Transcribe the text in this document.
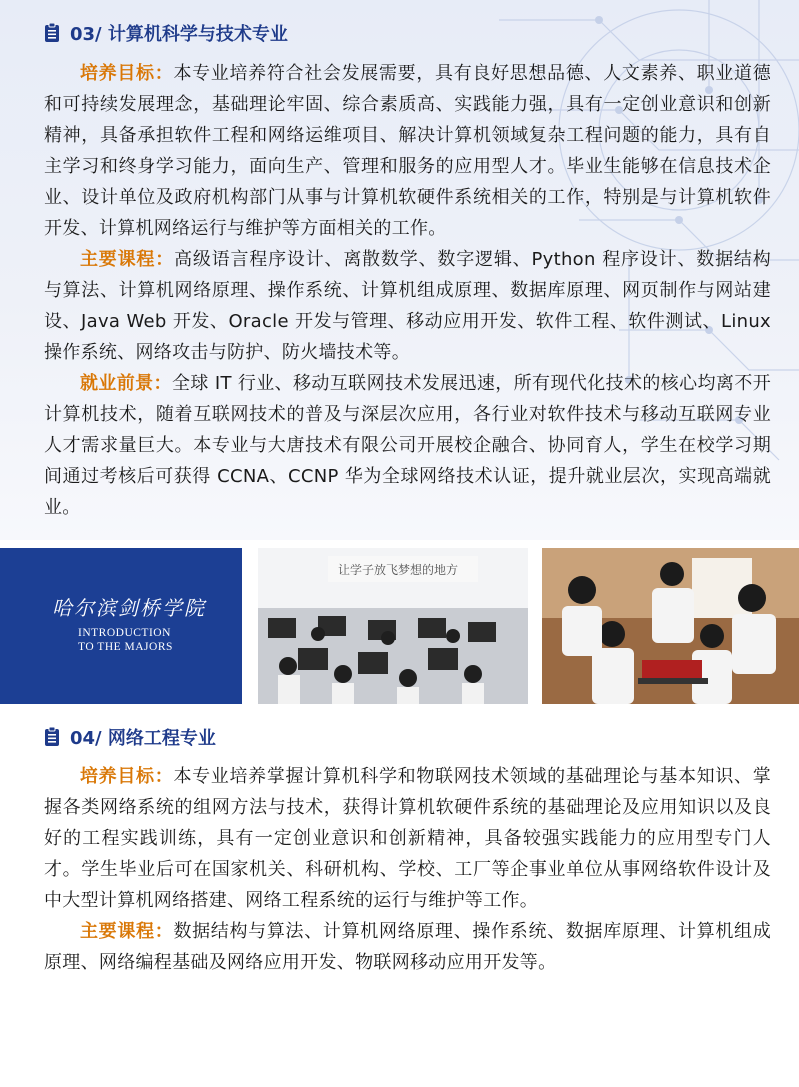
03/ 计算机科学与技术专业

培养目标：本专业培养符合社会发展需要，具有良好思想品德、人文素养、职业道德和可持续发展理念，基础理论牢固、综合素质高、实践能力强，具有一定创业意识和创新精神，具备承担软件工程和网络运维项目、解决计算机领域复杂工程问题的能力，具有自主学习和终身学习能力，面向生产、管理和服务的应用型人才。毕业生能够在信息技术企业、设计单位及政府机构部门从事与计算机软硬件系统相关的工作，特别是与计算机软件开发、计算机网络运行与维护等方面相关的工作。

主要课程：高级语言程序设计、离散数学、数字逻辑、Python 程序设计、数据结构与算法、计算机网络原理、操作系统、计算机组成原理、数据库原理、网页制作与网站建设、Java Web 开发、Oracle 开发与管理、移动应用开发、软件工程、软件测试、Linux 操作系统、网络攻击与防护、防火墙技术等。

就业前景：全球 IT 行业、移动互联网技术发展迅速，所有现代化技术的核心均离不开计算机技术，随着互联网技术的普及与深层次应用，各行业对软件技术与移动互联网专业人才需求量巨大。本专业与大唐技术有限公司开展校企融合、协同育人，学生在校学习期间通过考核后可获得 CCNA、CCNP 华为全球网络技术认证，提升就业层次，实现高端就业。

哈尔滨剑桥学院
INTRODUCTION
TO THE MAJORS
让学子放飞梦想的地方
04/ 网络工程专业

培养目标：本专业培养掌握计算机科学和物联网技术领域的基础理论与基本知识、掌握各类网络系统的组网方法与技术，获得计算机软硬件系统的基础理论及应用知识以及良好的工程实践训练，具有一定创业意识和创新精神，具备较强实践能力的应用型专门人才。学生毕业后可在国家机关、科研机构、学校、工厂等企事业单位从事网络软件设计及中大型计算机网络搭建、网络工程系统的运行与维护等工作。

主要课程：数据结构与算法、计算机网络原理、操作系统、数据库原理、计算机组成原理、网络编程基础及网络应用开发、物联网移动应用开发等。
